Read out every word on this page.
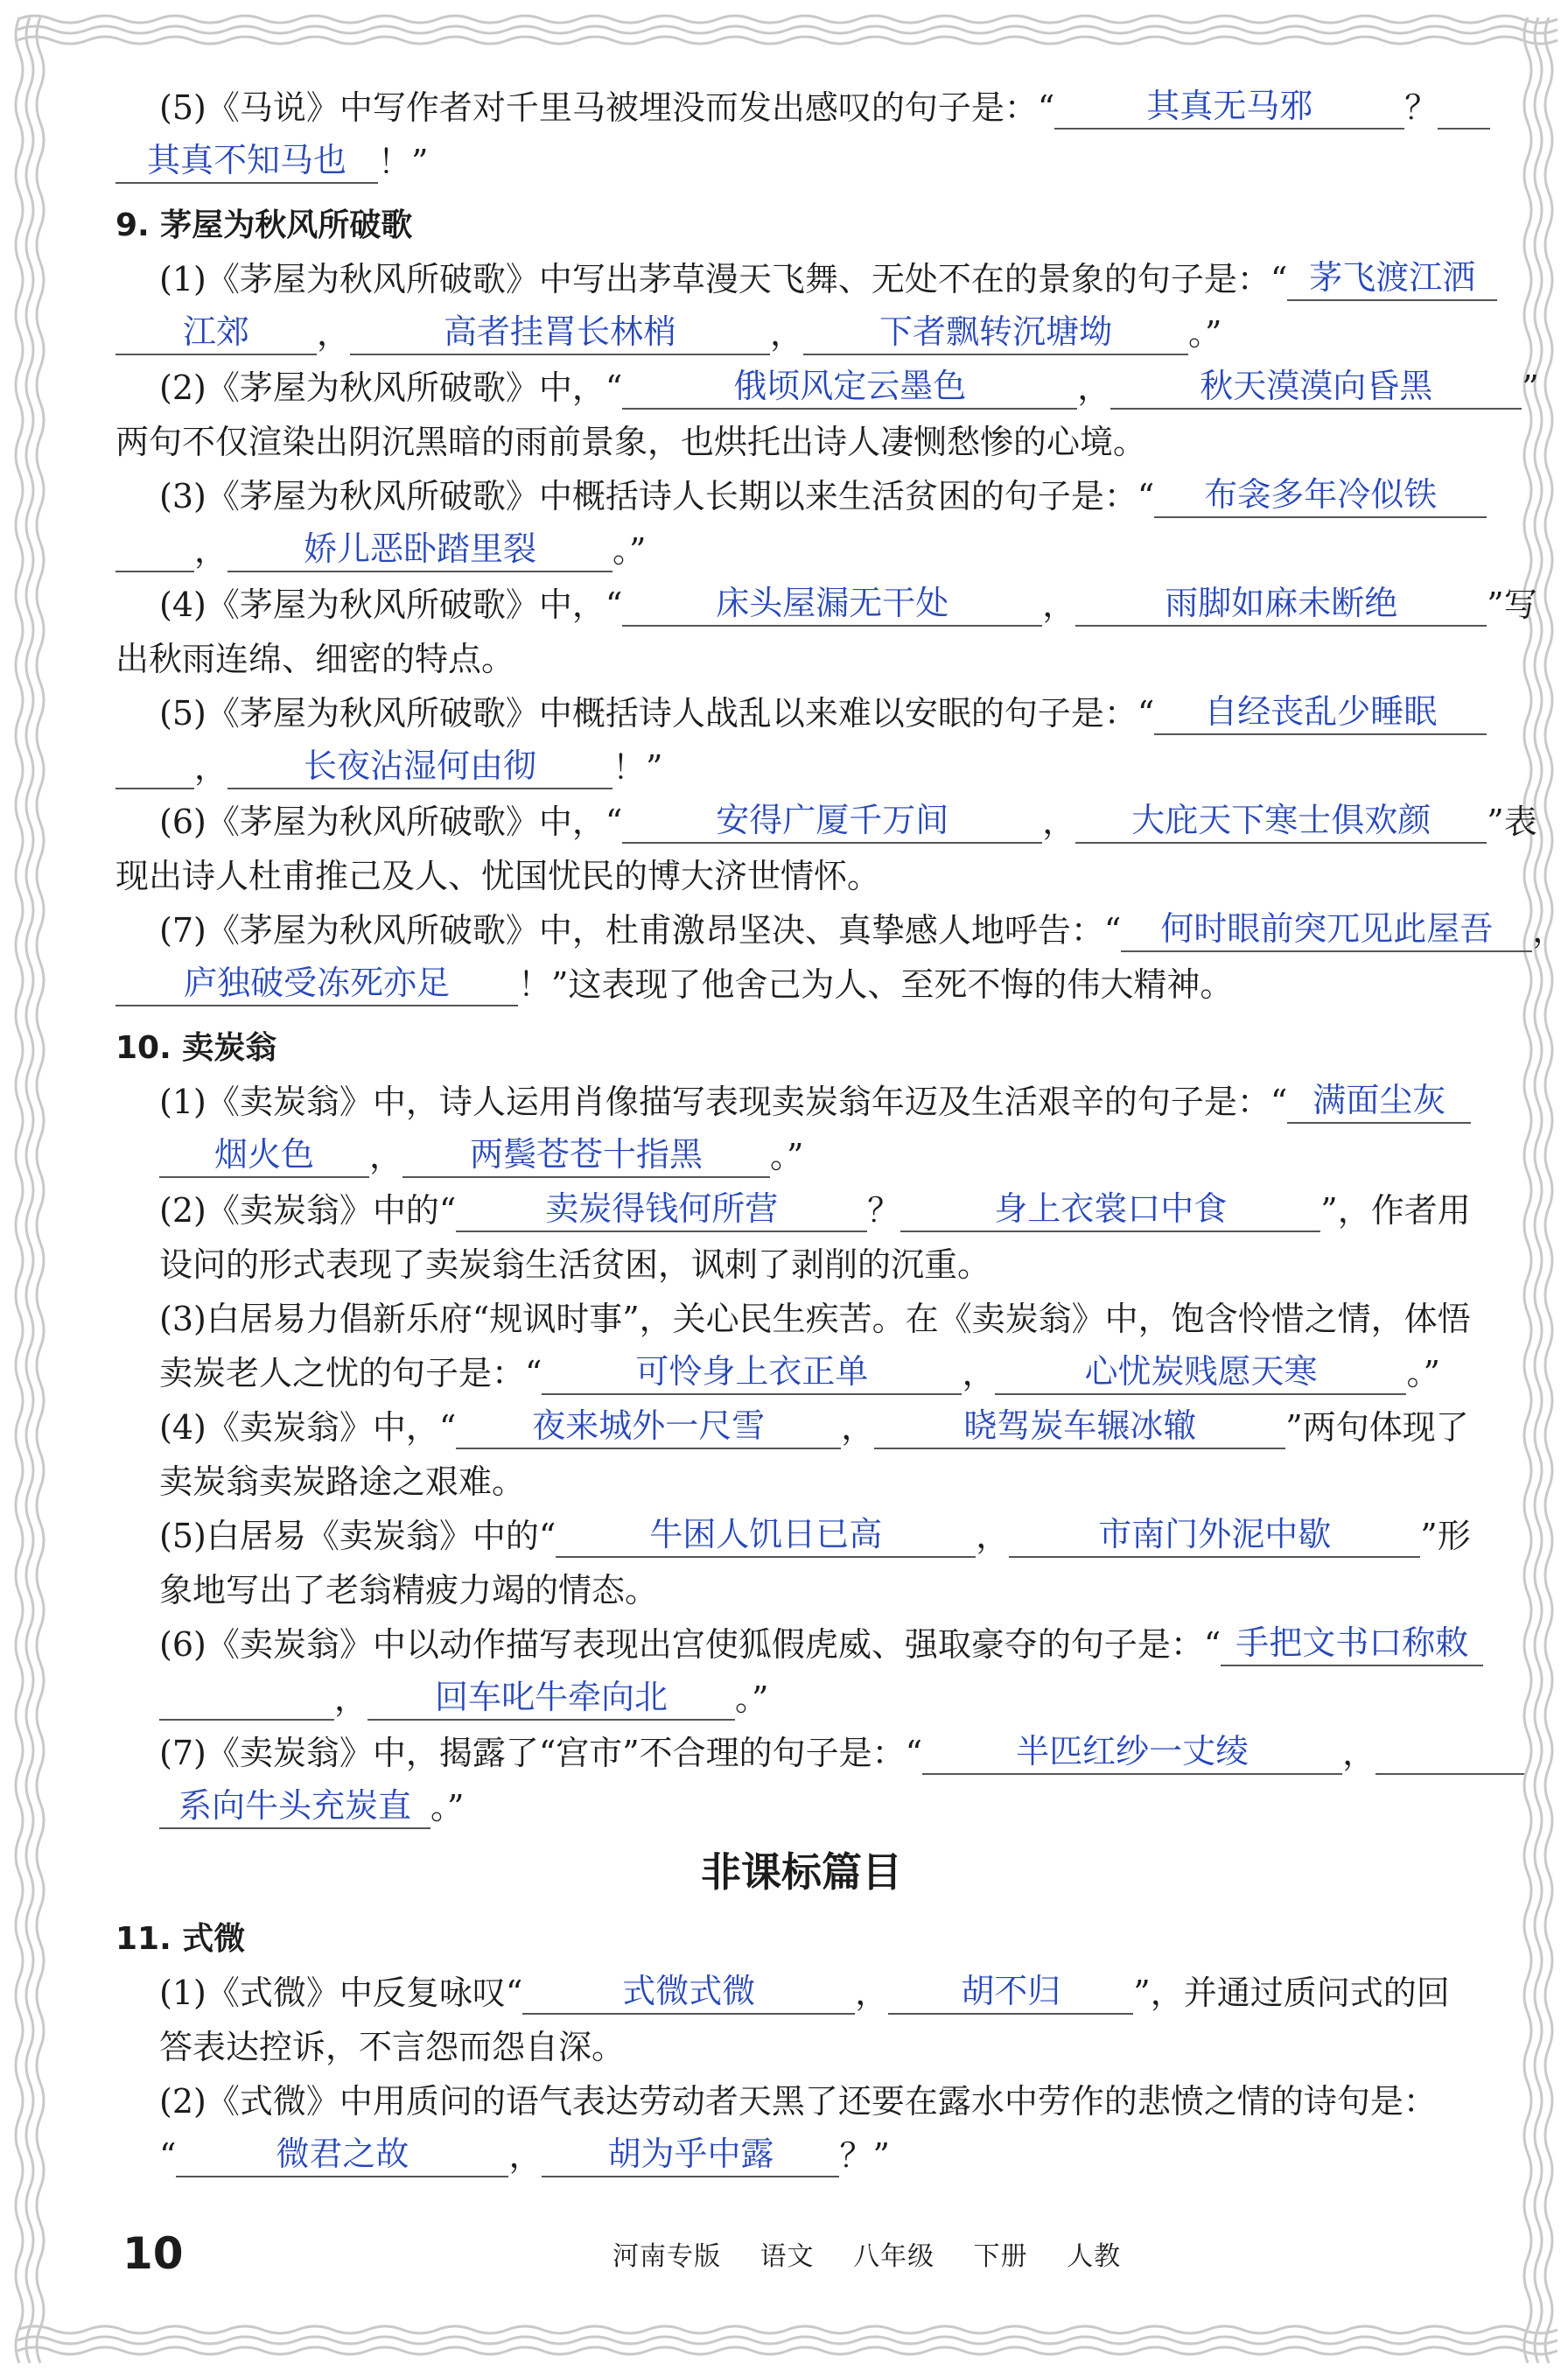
(5)《马说》中写作者对千里马被埋没而发出感叹的句子是：“	其真无马邪	？
其真不知马也 ！”
9. 茅屋为秋风所破歌
(1)《茅屋为秋风所破歌》中写出茅草漫天飞舞、无处不在的景象的句子是：“ 茅飞渡江洒
江郊 ，	高者挂罥长林梢	， 下者飘转沉塘坳 。”
(2)《茅屋为秋风所破歌》中，“	俄顷风定云墨色	，	秋天漠漠向昏黑	”
两句不仅渲染出阴沉黑暗的雨前景象，也烘托出诗人凄恻愁惨的心境。
(3)《茅屋为秋风所破歌》中概括诗人长期以来生活贫困的句子是：“ 布衾多年冷似铁
， 娇儿恶卧踏里裂 。”
(4)《茅屋为秋风所破歌》中，“	床头屋漏无干处	，	雨脚如麻未断绝	”写
出秋雨连绵、细密的特点。
(5)《茅屋为秋风所破歌》中概括诗人战乱以来难以安眠的句子是：“ 自经丧乱少睡眠
， 长夜沾湿何由彻 ！”
(6)《茅屋为秋风所破歌》中，“	安得广厦千万间	， 大庇天下寒士俱欢颜 ”表
现出诗人杜甫推己及人、忧国忧民的博大济世情怀。
(7)《茅屋为秋风所破歌》中，杜甫激昂坚决、真挚感人地呼告：“ 何时眼前突兀见此屋吾 ，
庐独破受冻死亦足 ！”这表现了他舍己为人、至死不悔的伟大精神。
10. 卖炭翁
(1)《卖炭翁》中，诗人运用肖像描写表现卖炭翁年迈及生活艰辛的句子是：“ 满面尘灰
烟火色 ， 两鬓苍苍十指黑 。”
(2)《卖炭翁》中的“	卖炭得钱何所营	？	身上衣裳口中食	”，作者用
设问的形式表现了卖炭翁生活贫困，讽刺了剥削的沉重。
(3)白居易力倡新乐府“规讽时事”，关心民生疾苦。在《卖炭翁》中，饱含怜惜之情，体悟
卖炭老人之忧的句子是：“	可怜身上衣正单	，	心忧炭贱愿天寒	。”
(4)《卖炭翁》中，“ 夜来城外一尺雪 ，	晓驾炭车辗冰辙	”两句体现了
卖炭翁卖炭路途之艰难。
(5)白居易《卖炭翁》中的“	牛困人饥日已高	，	市南门外泥中歇	”形
象地写出了老翁精疲力竭的情态。
(6)《卖炭翁》中以动作描写表现出宫使狐假虎威、强取豪夺的句子是：“ 手把文书口称敕
， 回车叱牛牵向北 。”
(7)《卖炭翁》中，揭露了“宫市”不合理的句子是：“	半匹红纱一丈绫	，
系向牛头充炭直 。”
非课标篇目
11. 式微
(1)《式微》中反复咏叹“	式微式微	， 胡不归 ”，并通过质问式的回
答表达控诉，不言怨而怨自深。
(2)《式微》中用质问的语气表达劳动者天黑了还要在露水中劳作的悲愤之情的诗句是：
“	微君之故	， 胡为乎中露 ？”
10	河南专版 语文 八年级 下册 人教
